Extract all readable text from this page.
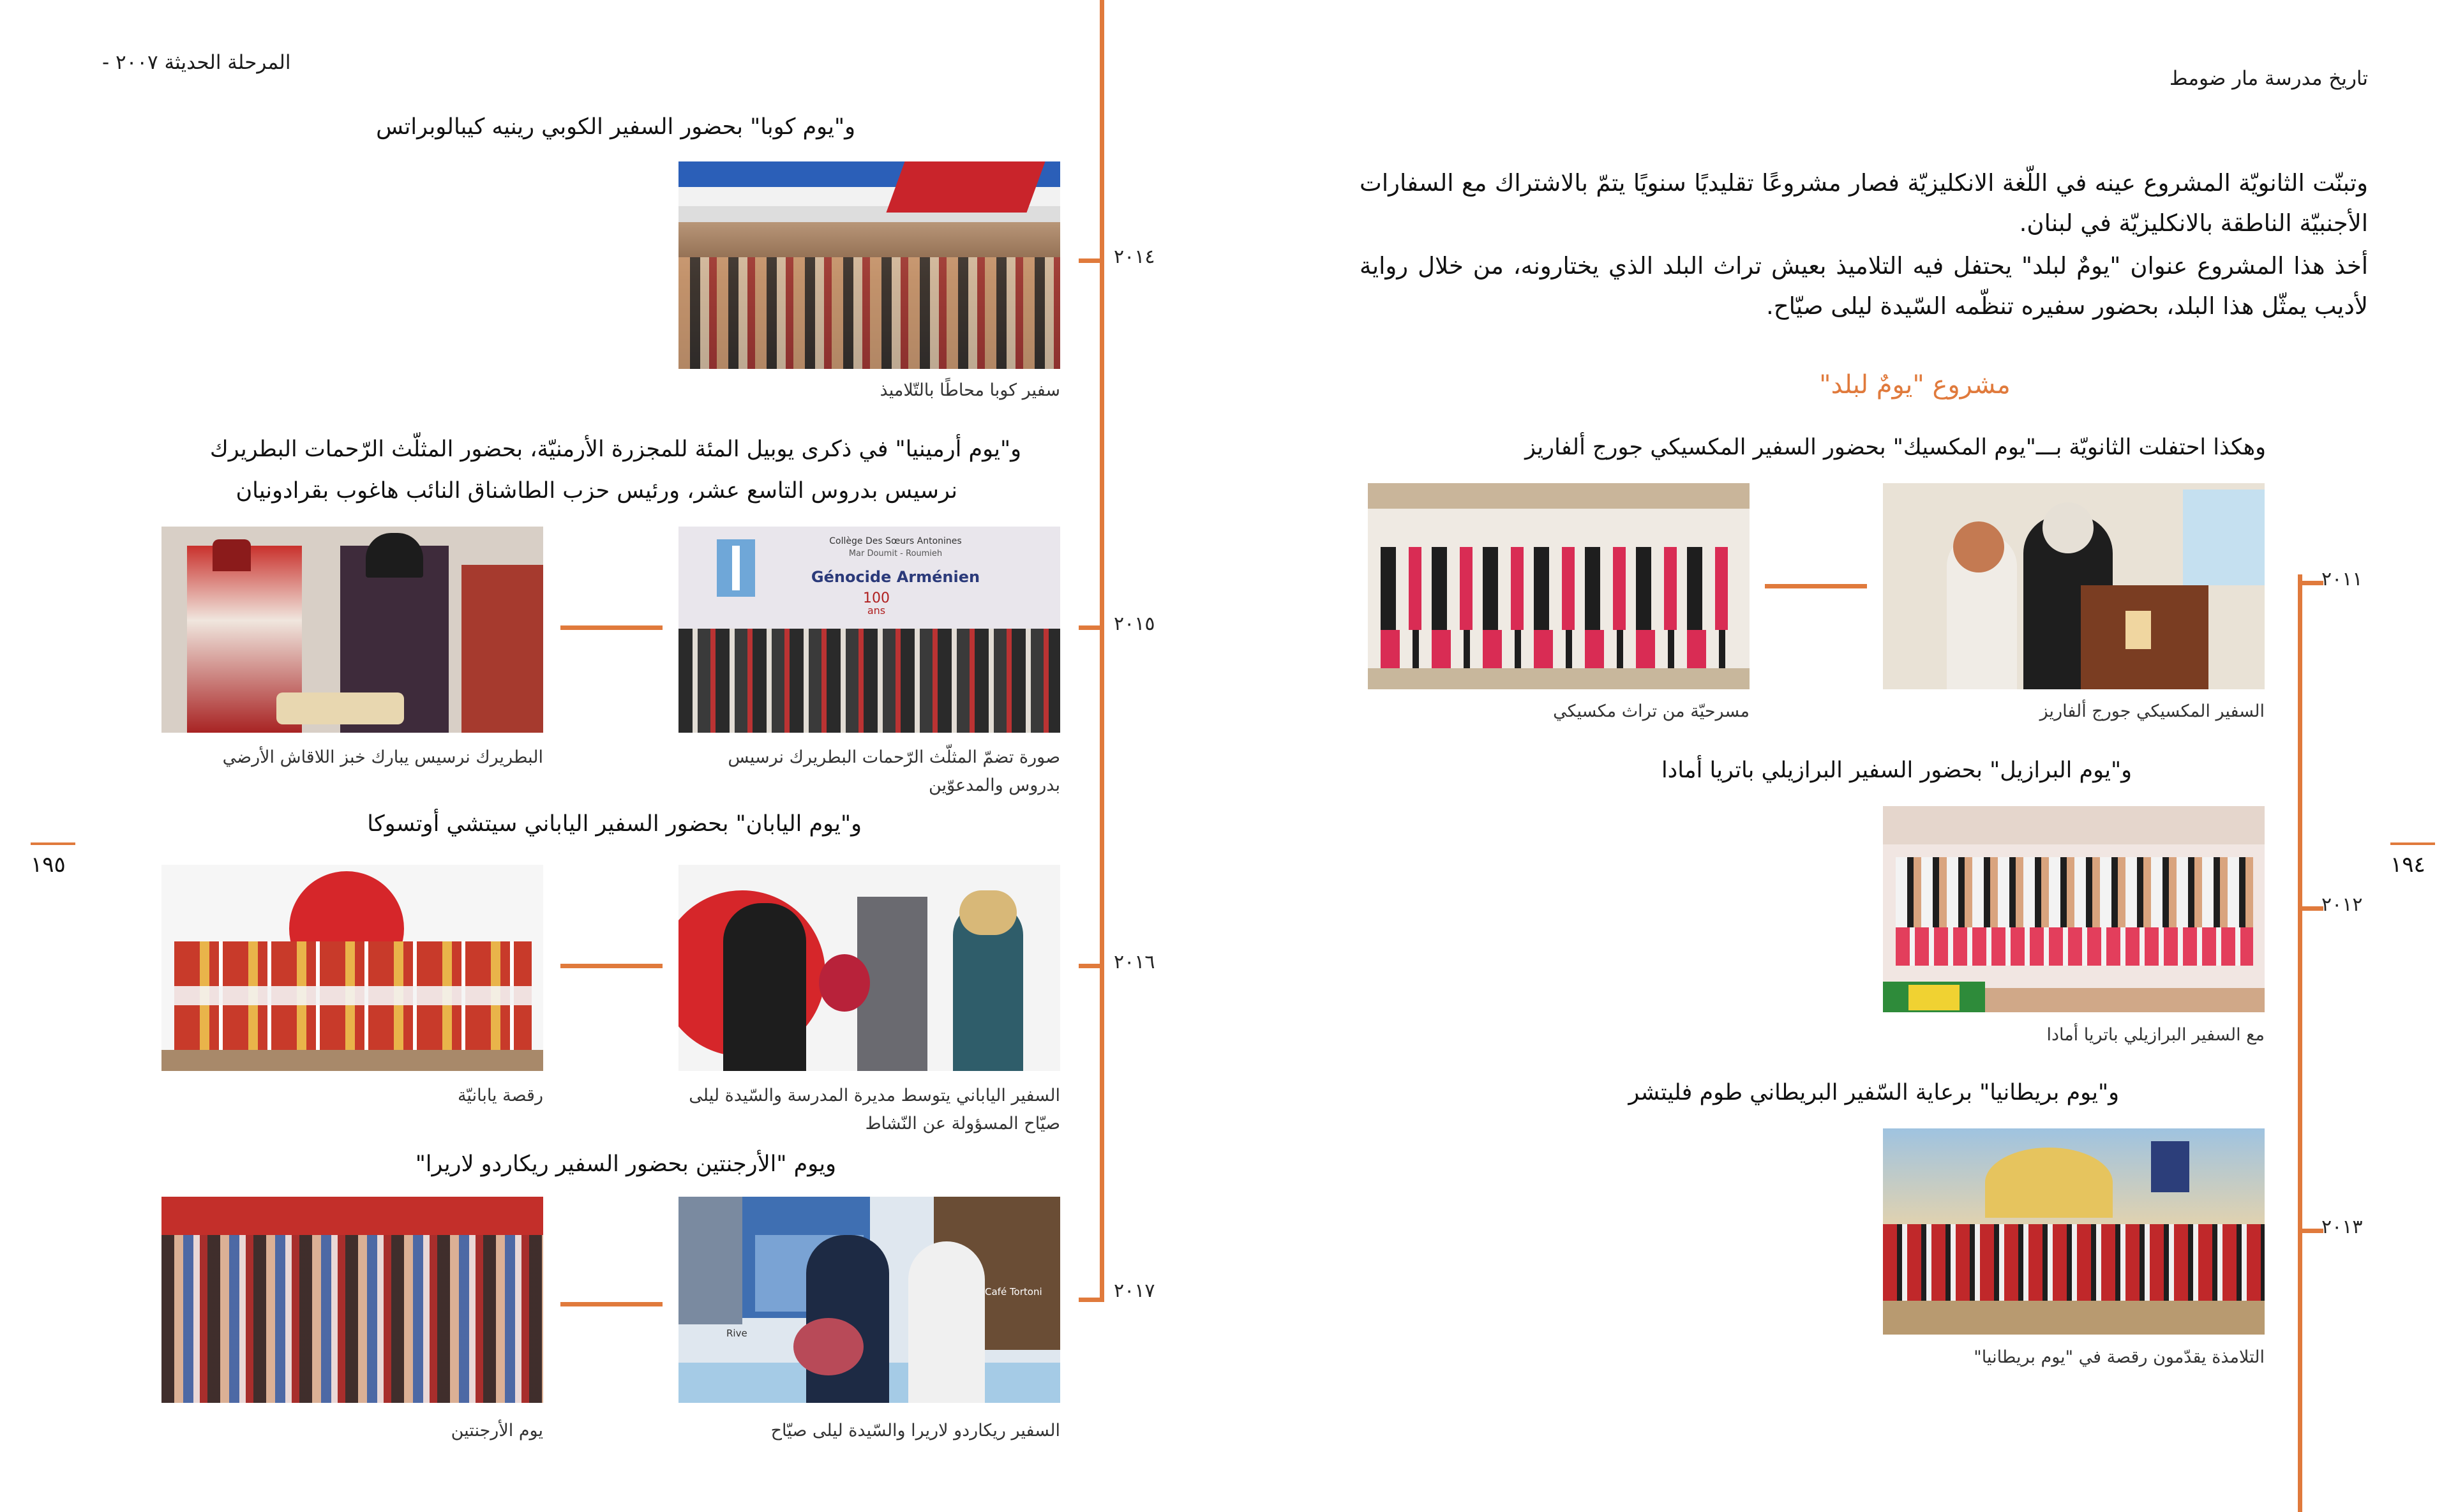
المرحلة الحديثة ٢٠٠٧ -
١٩٥
٢٠١٤
٢٠١٥
٢٠١٦
٢٠١٧
و"يوم كوبا" بحضور السفير الكوبي رينيه كيبالوبراتس
سفير كوبا محاطًا بالتّلاميذ
و"يوم أرمينيا" في ذكرى يوبيل المئة للمجزرة الأرمنيّة، بحضور المثلّث الرّحمات البطريرك
نرسيس بدروس التاسع عشر، ورئيس حزب الطاشناق النائب هاغوب بقرادونيان
Collège Des Sœurs Antonines
Mar Doumit - Roumieh
Génocide Arménien
100
ans
صورة تضمّ المثلّث الرّحمات البطريرك نرسيس بدروس والمدعوّين
البطريرك نرسيس يبارك خبز اللاقاش الأرضي
و"يوم اليابان" بحضور السفير الياباني سيتشي أوتسوكا
السفير الياباني يتوسط مديرة المدرسة والسّيدة ليلى صيّاح المسؤولة عن النّشاط
رقصة يابانيّة
ويوم "الأرجنتين بحضور السفير ريكاردو لاريرا"
Rive
Café Tortoni
السفير ريكاردو لاريرا والسّيدة ليلى صيّاح
يوم الأرجنتين
تاريخ مدرسة مار ضومط
١٩٤
وتبنّت الثانويّة المشروع عينه في اللّغة الانكليزيّة فصار مشروعًا تقليديًا سنويًا يتمّ بالاشتراك مع السفارات الأجنبيّة الناطقة بالانكليزيّة في لبنان.
أخذ هذا المشروع عنوان "يومٌ لبلد" يحتفل فيه التلاميذ بعيش تراث البلد الذي يختارونه، من خلال رواية لأديب يمثّل هذا البلد، بحضور سفيره تنظّمه السّيدة ليلى صيّاح.
مشروع "يومٌ لبلد"
٢٠١١
٢٠١٢
٢٠١٣
وهكذا احتفلت الثانويّة بـــ"يوم المكسيك" بحضور السفير المكسيكي جورج ألفاريز
السفير المكسيكي جورج ألفاريز
مسرحيّة من تراث مكسيكي
و"يوم البرازيل" بحضور السفير البرازيلي باتريا أمادا
مع السفير البرازيلي باتريا أمادا
و"يوم بريطانيا" برعاية السّفير البريطاني طوم فليتشر
التلامذة يقدّمون رقصة في "يوم بريطانيا"
